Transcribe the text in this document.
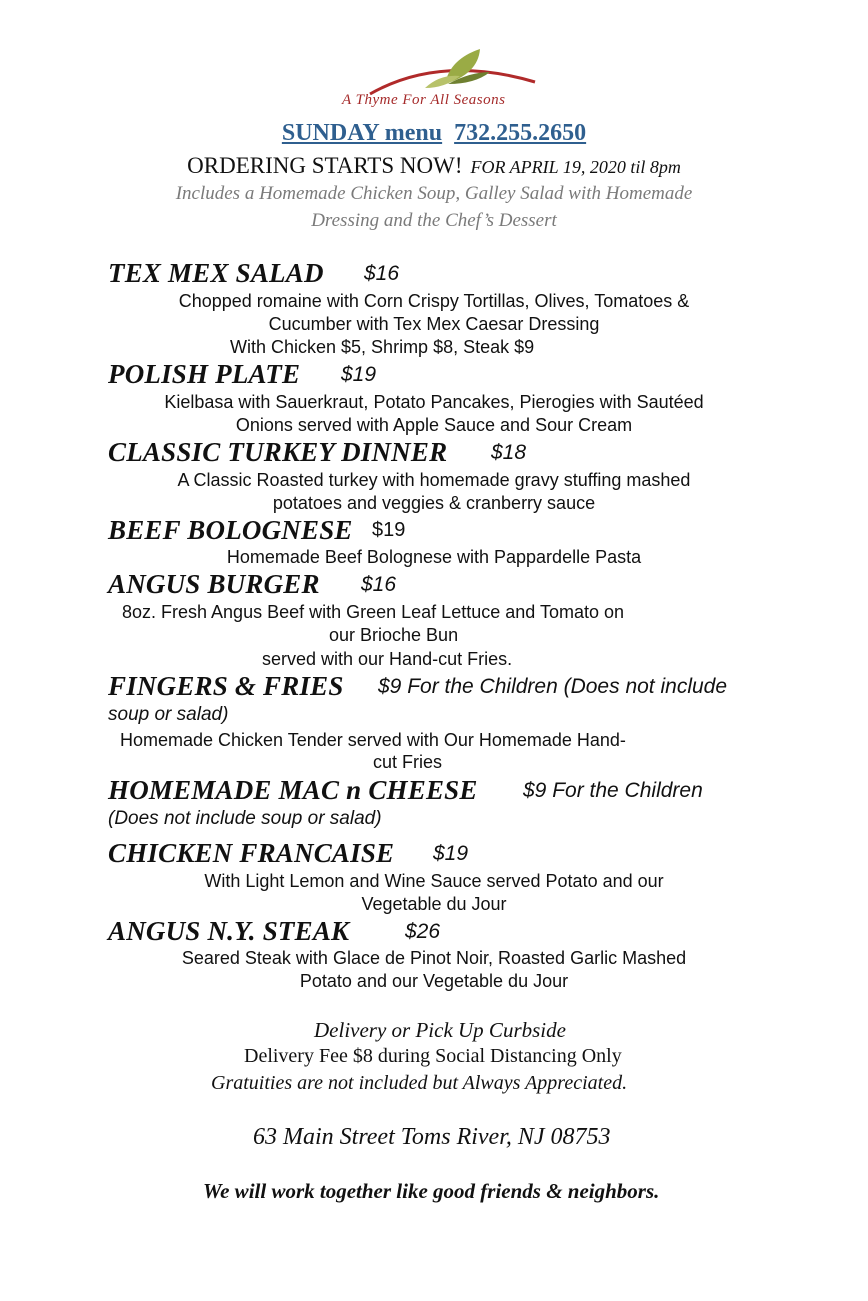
A Thyme For All Seasons
SUNDAY menu 732.255.2650
ORDERING STARTS NOW! FOR APRIL 19, 2020 til 8pm
Includes a Homemade Chicken Soup, Galley Salad with Homemade
Dressing and the Chef’s Dessert
TEX MEX SALAD $16
Chopped romaine with Corn Crispy Tortillas, Olives, Tomatoes &
Cucumber with Tex Mex Caesar Dressing
With Chicken $5, Shrimp $8, Steak $9
POLISH PLATE $19
Kielbasa with Sauerkraut, Potato Pancakes, Pierogies with Sautéed
Onions served with Apple Sauce and Sour Cream
CLASSIC TURKEY DINNER $18
A Classic Roasted turkey with homemade gravy stuffing mashed
potatoes and veggies & cranberry sauce
BEEF BOLOGNESE $19
Homemade Beef Bolognese with Pappardelle Pasta
ANGUS BURGER $16
8oz. Fresh Angus Beef with Green Leaf Lettuce and Tomato on
our Brioche Bun
served with our Hand-cut Fries.
FINGERS & FRIES $9 For the Children (Does not include
soup or salad)
Homemade Chicken Tender served with Our Homemade Hand-
cut Fries
HOMEMADE MAC n CHEESE $9 For the Children
(Does not include soup or salad)
CHICKEN FRANCAISE $19
With Light Lemon and Wine Sauce served Potato and our
Vegetable du Jour
ANGUS N.Y. STEAK	$26
Seared Steak with Glace de Pinot Noir, Roasted Garlic Mashed
Potato and our Vegetable du Jour
Delivery or Pick Up Curbside
Delivery Fee $8 during Social Distancing Only
Gratuities are not included but Always Appreciated.
63 Main Street Toms River, NJ 08753
We will work together like good friends & neighbors.
